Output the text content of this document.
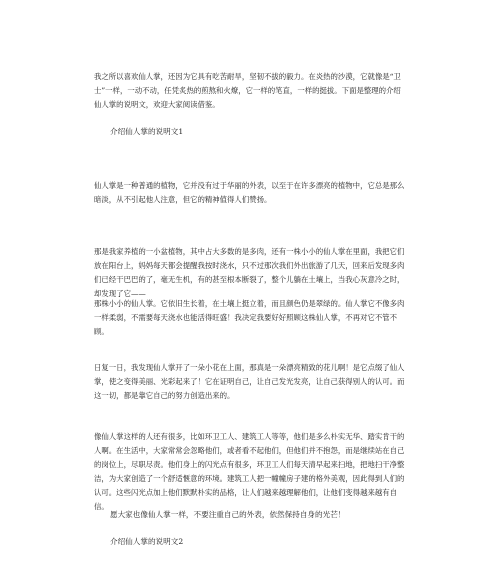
我之所以喜欢仙人掌，还因为它具有吃苦耐旱，坚韧不拔的毅力。在炎热的沙漠，它就像是“卫士”一样，一动不动，任凭炙热的煎熬和火燎，它一样的笔直，一样的挺拔。下面是整理的介绍仙人掌的说明文，欢迎大家阅读借鉴。

介绍仙人掌的说明文1

仙人掌是一种普通的植物，它并没有过于华丽的外表，以至于在许多漂亮的植物中，它总是那么暗淡，从不引起他人注意，但它的精神值得人们赞扬。

那是我家养植的一小盆植物，其中占大多数的是多肉，还有一株小小的仙人掌在里面，我把它们放在阳台上，妈妈每天都会提醒我按时浇水，只不过那次我们外出旅游了几天，回来后发现多肉们已经干巴巴的了，毫无生机，有的甚至根本断裂了，整个儿躺在土壤上，当我心灰意冷之时，却发现了它——

那株小小的仙人掌。它依旧生长着，在土壤上挺立着，而且颜色仍是翠绿的。仙人掌它不像多肉一样柔弱，不需要每天浇水也能活得旺盛！我决定我要好好照顾这株仙人掌，不再对它不管不顾。

日复一日，我发现仙人掌开了一朵小花在上面，那真是一朵漂亮精致的花儿啊！是它点缀了仙人掌，使之变得美丽、光彩起来了！它在证明自己，让自己发光发亮，让自己获得别人的认可。而这一切，都是靠它自己的努力创造出来的。

像仙人掌这样的人还有很多，比如环卫工人、建筑工人等等，他们是多么朴实无华、踏实肯干的人啊。在生活中，大家常常会忽略他们，或者看不起他们，但他们并不抱怨，而是继续站在自己的岗位上，尽职尽责。他们身上的闪光点有很多，环卫工人们每天清早起来扫地，把地扫干净整洁，为大家创造了一个舒适愜意的环境。建筑工人把一幢幢房子建的格外美观，因此得到人们的认可。这些闪光点加上他们默默朴实的品格，让人们越来越理解他们，让他们变得越来越有自信。

愿大家也像仙人掌一样，不要注重自己的外表，依然保持自身的光芒！

介绍仙人掌的说明文2
